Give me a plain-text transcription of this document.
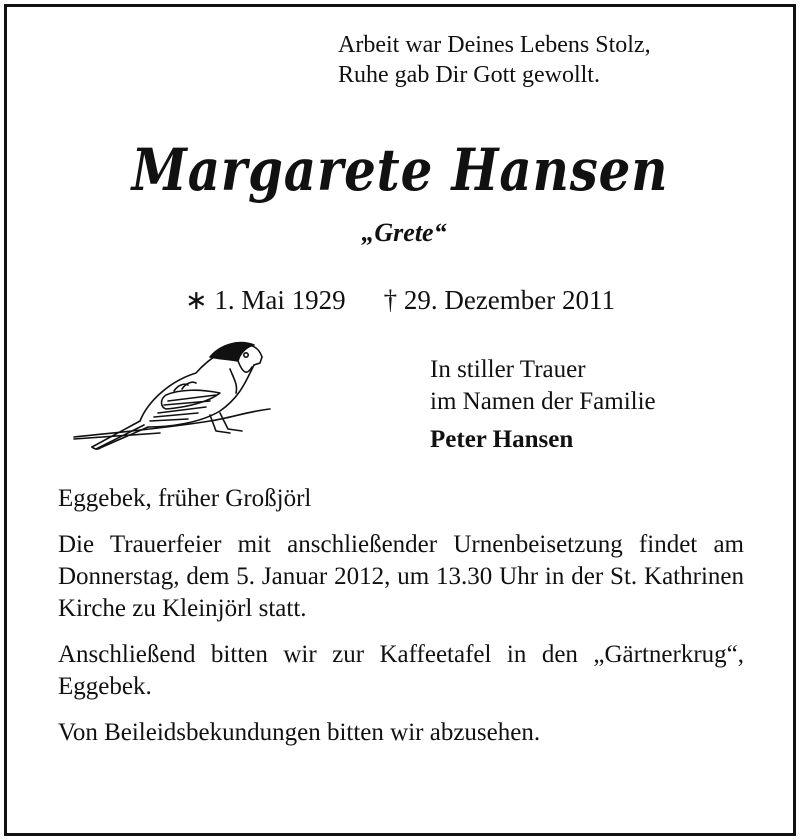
Arbeit war Deines Lebens Stolz,
Ruhe gab Dir Gott gewollt.
Margarete Hansen
„Grete“
∗ 1. Mai 1929 † 29. Dezember 2011
In stiller Trauer
im Namen der Familie
Peter Hansen

Eggebek, früher Großjörl

Die Trauerfeier mit anschließender Urnenbeisetzung findet am Donnerstag, dem 5. Januar 2012, um 13.30 Uhr in der St. Kathrinen Kirche zu Kleinjörl statt.

Anschließend bitten wir zur Kaffeetafel in den „Gärtnerkrug“, Eggebek.

Von Beileidsbekundungen bitten wir abzusehen.
